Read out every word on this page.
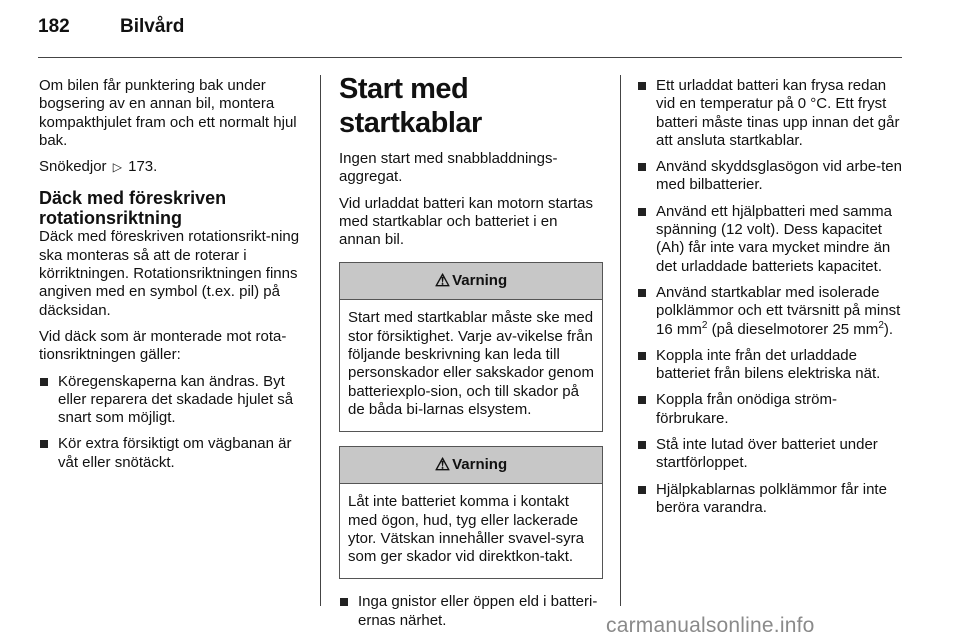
182	Bilvård

Om bilen får punktering bak under bogsering av en annan bil, montera kompakthjulet fram och ett normalt hjul bak.

Snökedjor ▷ 173.

Däck med föreskriven rotationsriktning

Däck med föreskriven rotationsrikt-ning ska monteras så att de roterar i körriktningen. Rotationsriktningen finns angiven med en symbol (t.ex. pil) på däcksidan.

Vid däck som är monterade mot rota-tionsriktningen gäller:

Köregenskaperna kan ändras. Byt eller reparera det skadade hjulet så snart som möjligt.
Kör extra försiktigt om vägbanan är våt eller snötäckt.
Start med startkablar

Ingen start med snabbladdnings-aggregat.

Vid urladdat batteri kan motorn startas med startkablar och batteriet i en annan bil.

⚠ Varning
Start med startkablar måste ske med stor försiktighet. Varje av-vikelse från följande beskrivning kan leda till personskador eller sakskador genom batteriexplo-sion, och till skador på de båda bi-larnas elsystem.
⚠ Varning
Låt inte batteriet komma i kontakt med ögon, hud, tyg eller lackerade ytor. Vätskan innehåller svavel-syra som ger skador vid direktkon-takt.
Inga gnistor eller öppen eld i batteri-ernas närhet.
Ett urladdat batteri kan frysa redan vid en temperatur på 0 °C. Ett fryst batteri måste tinas upp innan det går att ansluta startkablar.
Använd skyddsglasögon vid arbe-ten med bilbatterier.
Använd ett hjälpbatteri med samma spänning (12 volt). Dess kapacitet (Ah) får inte vara mycket mindre än det urladdade batteriets kapacitet.
Använd startkablar med isolerade polklämmor och ett tvärsnitt på minst 16 $mm^2$ (på dieselmotorer 25 $mm^2$).
Koppla inte från det urladdade batteriet från bilens elektriska nät.
Koppla från onödiga ström-förbrukare.
Stå inte lutad över batteriet under startförloppet.
Hjälpkablarnas polklämmor får inte beröra varandra.
carmanualsonline.info
